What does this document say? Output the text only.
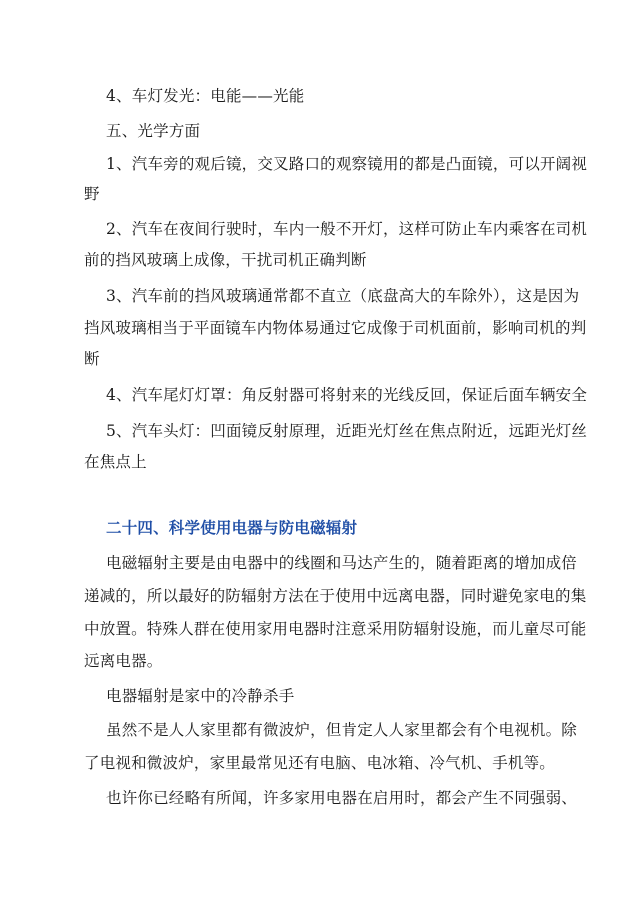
4、车灯发光：电能——光能
五、光学方面
1、汽车旁的观后镜，交叉路口的观察镜用的都是凸面镜，可以开阔视
野
2、汽车在夜间行驶时，车内一般不开灯，这样可防止车内乘客在司机
前的挡风玻璃上成像，干扰司机正确判断
3、汽车前的挡风玻璃通常都不直立（底盘高大的车除外），这是因为
挡风玻璃相当于平面镜车内物体易通过它成像于司机面前，影响司机的判
断
4、汽车尾灯灯罩：角反射器可将射来的光线反回，保证后面车辆安全
5、汽车头灯：凹面镜反射原理，近距光灯丝在焦点附近，远距光灯丝
在焦点上
二十四、科学使用电器与防电磁辐射
电磁辐射主要是由电器中的线圈和马达产生的，随着距离的增加成倍
递减的，所以最好的防辐射方法在于使用中远离电器，同时避免家电的集
中放置。特殊人群在使用家用电器时注意采用防辐射设施，而儿童尽可能
远离电器。
电器辐射是家中的冷静杀手
虽然不是人人家里都有微波炉，但肯定人人家里都会有个电视机。除
了电视和微波炉，家里最常见还有电脑、电冰箱、冷气机、手机等。
也许你已经略有所闻，许多家用电器在启用时，都会产生不同强弱、
